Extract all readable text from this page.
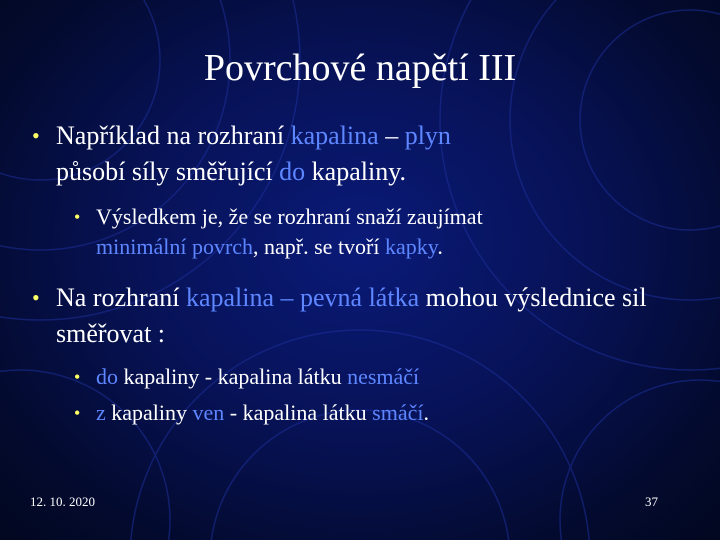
Povrchové napětí III
• Například na rozhraní kapalina – plyn
působí síly směřující do kapaliny.
• Výsledkem je, že se rozhraní snaží zaujímat
minimální povrch, např. se tvoří kapky.
• Na rozhraní kapalina – pevná látka mohou výslednice sil směřovat :
• do kapaliny - kapalina látku nesmáčí
• z kapaliny ven - kapalina látku smáčí.
12. 10. 2020	37
